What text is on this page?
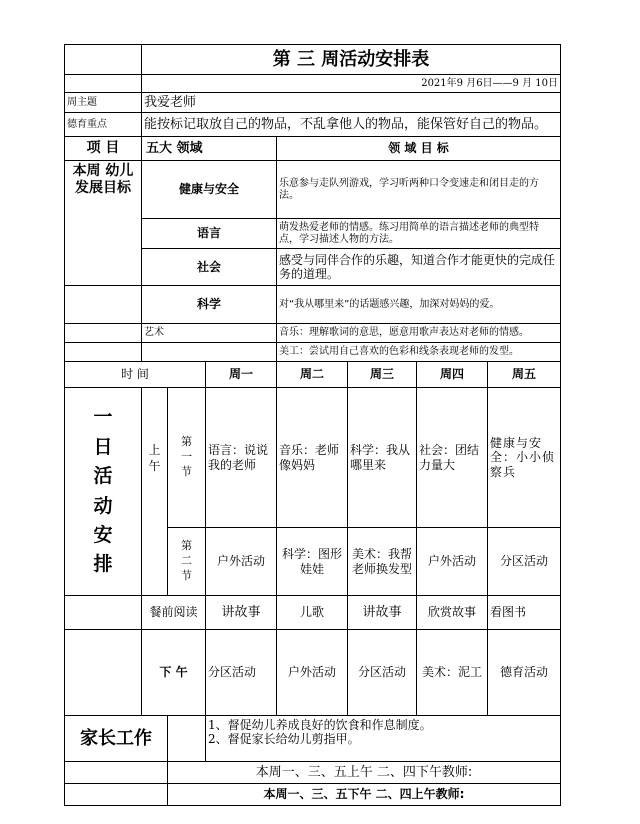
	第 三 周活动安排表						
	2021年9 月6日——9 月 10日						
周主题	我爱老师						
德育重点	能按标记取放自己的物品，不乱拿他人的物品，能保管好自己的物品。						
项 目	五大 领域			领 域 目 标			
本周 幼儿 发展目标	健康与安全			乐意参与走队列游戏，学习听两种口令变速走和闭目走的方法。			
	语言			萌发热爱老师的情感。练习用简单的语言描述老师的典型特点，学习描述人物的方法。			
	社会			感受与同伴合作的乐趣，知道合作才能更快的完成任务的道理。			
	科学			对“我从哪里来”的话题感兴趣，加深对妈妈的爱。			
	艺术			音乐：理解歌词的意思，愿意用歌声表达对老师的情感。			
				美工：尝试用自己喜欢的色彩和线条表现老师的发型。			
时 间			周一	周二	周三	周四	周五
一日活动安排	上午	第一节	语言：说说我的老师	音乐：老师像妈妈	科学：我从哪里来	社会：团结力量大	健康与安全：小小侦察兵
		第二节	户外活动	科学：图形娃娃	美术：我帮老师换发型	户外活动	分区活动
	餐前阅读		讲故事	儿歌	讲故事	欣赏故事	看图书
	下 午		分区活动	户外活动	分区活动	美术：泥工	德育活动
家长工作			1、督促幼儿养成良好的饮食和作息制度。
2、督促家长给幼儿剪指甲。				

		本周一、三、五上午 二、四下午教师:					
		本周一、三、五下午 二、四上午教师:					
